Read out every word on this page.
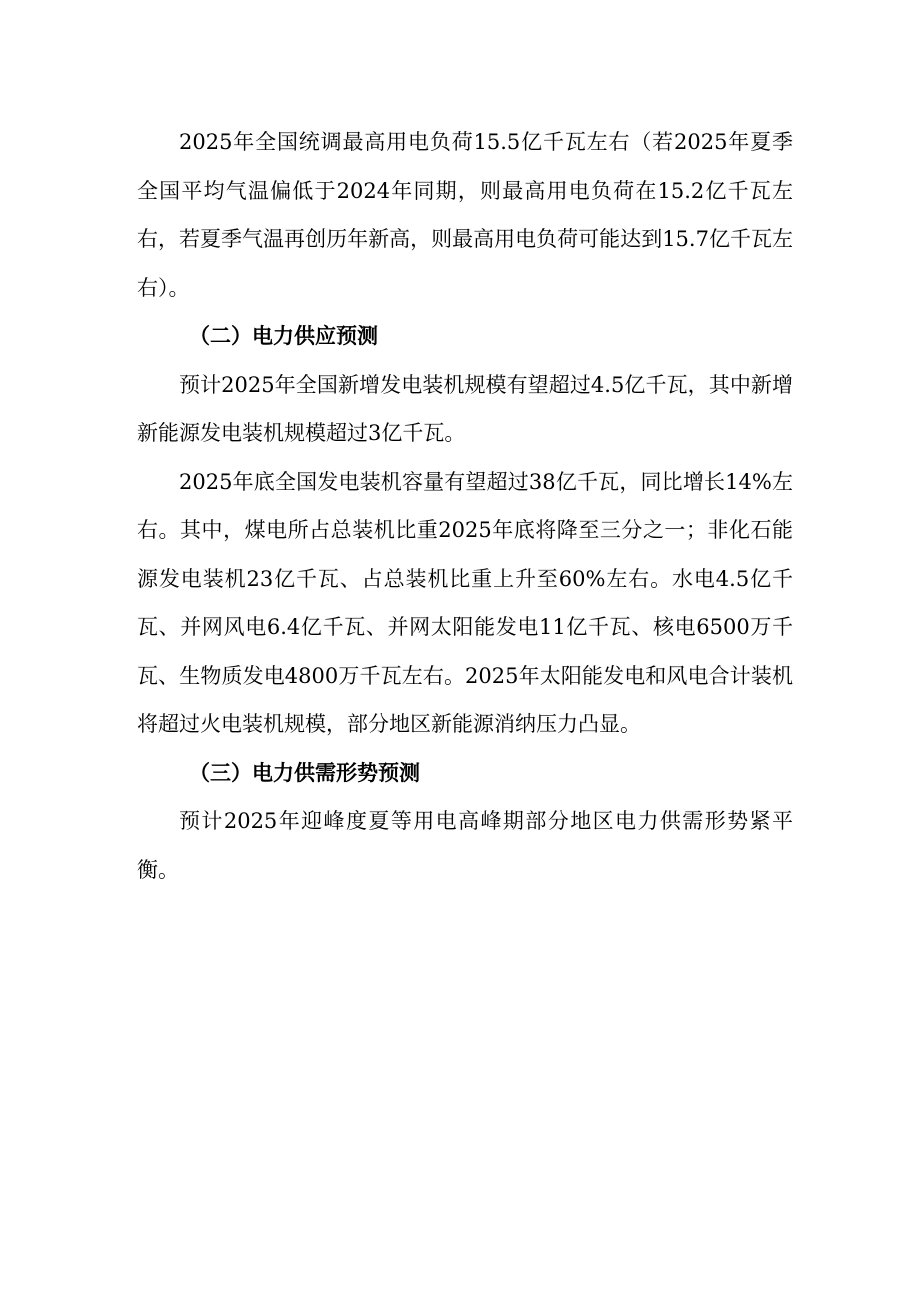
2025年全国统调最高用电负荷15.5亿千瓦左右（若2025年夏季全国平均气温偏低于2024年同期，则最高用电负荷在15.2亿千瓦左右，若夏季气温再创历年新高，则最高用电负荷可能达到15.7亿千瓦左右）。

（二）电力供应预测

预计2025年全国新增发电装机规模有望超过4.5亿千瓦，其中新增新能源发电装机规模超过3亿千瓦。

2025年底全国发电装机容量有望超过38亿千瓦，同比增长14%左右。其中，煤电所占总装机比重2025年底将降至三分之一；非化石能源发电装机23亿千瓦、占总装机比重上升至60%左右。水电4.5亿千瓦、并网风电6.4亿千瓦、并网太阳能发电11亿千瓦、核电6500万千瓦、生物质发电4800万千瓦左右。2025年太阳能发电和风电合计装机将超过火电装机规模，部分地区新能源消纳压力凸显。

（三）电力供需形势预测

预计2025年迎峰度夏等用电高峰期部分地区电力供需形势紧平衡。
